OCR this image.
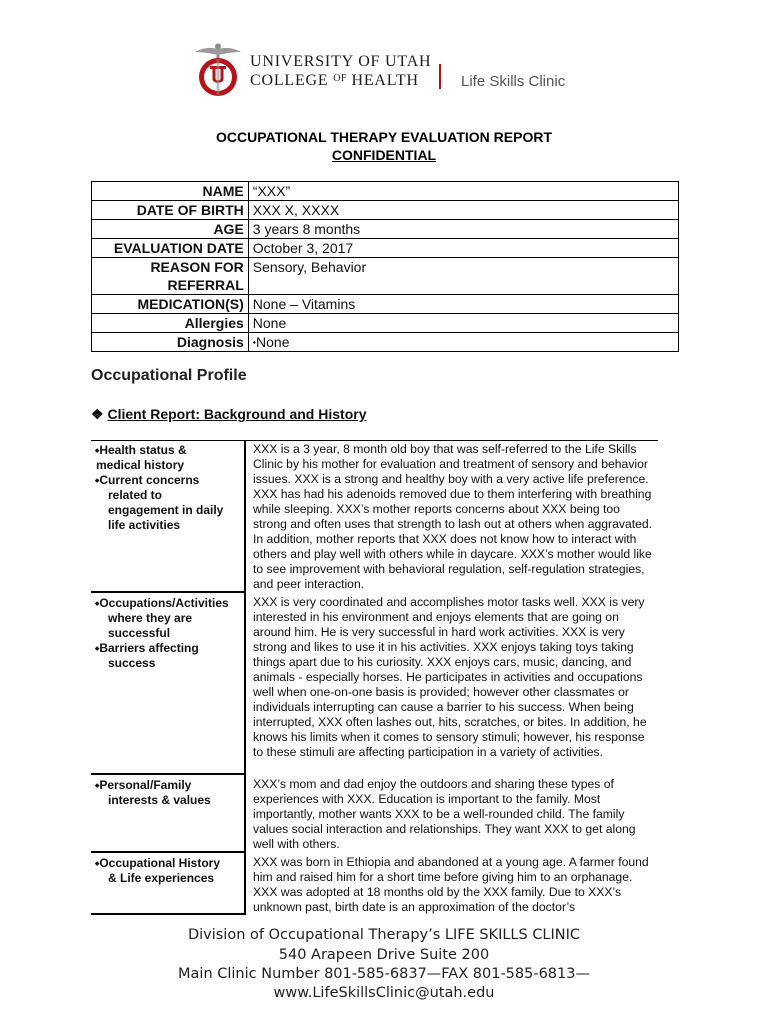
UNIVERSITY OF UTAH
COLLEGE $^{OF}$ HEALTH	Life Skills Clinic
OCCUPATIONAL THERAPY EVALUATION REPORT
CONFIDENTIAL
NAME	“XXX”
DATE OF BIRTH	XXX X, XXXX
AGE	3 years 8 months
EVALUATION DATE	October 3, 2017
REASON FOR
REFERRAL	Sensory, Behavior
MEDICATION(S)	None – Vitamins
Allergies	None
Diagnosis	⬩None
Occupational Profile
❖ Client Report: Background and History
⬩Health status &
medical history
⬩Current concerns
related to
engagement in daily
life activities
XXX is a 3 year, 8 month old boy that was self-referred to the Life Skills Clinic by his mother for evaluation and treatment of sensory and behavior issues. XXX is a strong and healthy boy with a very active life preference. XXX has had his adenoids removed due to them interfering with breathing while sleeping. XXX’s mother reports concerns about XXX being too strong and often uses that strength to lash out at others when aggravated. In addition, mother reports that XXX does not know how to interact with others and play well with others while in daycare. XXX’s mother would like to see improvement with behavioral regulation, self-regulation strategies, and peer interaction.
⬩Occupations/Activities
where they are
successful
⬩Barriers affecting
success
XXX is very coordinated and accomplishes motor tasks well. XXX is very interested in his environment and enjoys elements that are going on around him. He is very successful in hard work activities. XXX is very strong and likes to use it in his activities. XXX enjoys taking toys taking things apart due to his curiosity. XXX enjoys cars, music, dancing, and animals - especially horses. He participates in activities and occupations well when one-on-one basis is provided; however other classmates or individuals interrupting can cause a barrier to his success. When being interrupted, XXX often lashes out, hits, scratches, or bites. In addition, he knows his limits when it comes to sensory stimuli; however, his response to these stimuli are affecting participation in a variety of activities.
⬩Personal/Family
interests & values
XXX’s mom and dad enjoy the outdoors and sharing these types of experiences with XXX. Education is important to the family. Most importantly, mother wants XXX to be a well-rounded child. The family values social interaction and relationships. They want XXX to get along well with others.
⬩Occupational History
& Life experiences
XXX was born in Ethiopia and abandoned at a young age. A farmer found him and raised him for a short time before giving him to an orphanage. XXX was adopted at 18 months old by the XXX family. Due to XXX’s unknown past, birth date is an approximation of the doctor’s
Division of Occupational Therapy’s LIFE SKILLS CLINIC
540 Arapeen Drive Suite 200
Main Clinic Number 801-585-6837—FAX 801-585-6813—
www.LifeSkillsClinic@utah.edu
